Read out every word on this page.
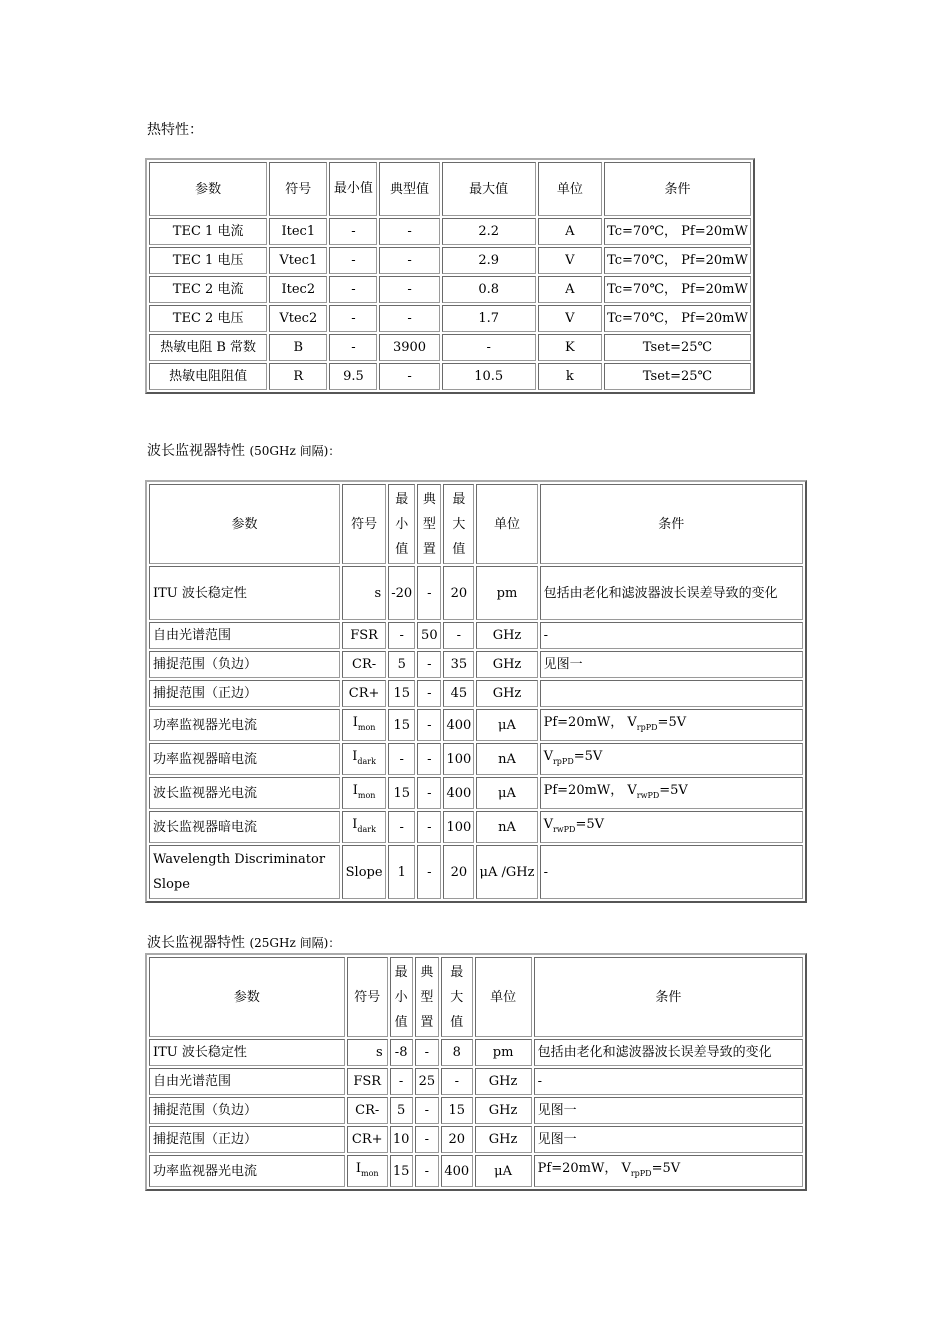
热特性：
参数	符号	最小值	典型值	最大值	单位	条件
TEC 1 电流	Itec1	-	-	2.2	A	Tc=70℃， Pf=20mW
TEC 1 电压	Vtec1	-	-	2.9	V	Tc=70℃， Pf=20mW
TEC 2 电流	Itec2	-	-	0.8	A	Tc=70℃， Pf=20mW
TEC 2 电压	Vtec2	-	-	1.7	V	Tc=70℃， Pf=20mW
热敏电阻 B 常数	B	-	3900	-	K	Tset=25℃
热敏电阻阻值	R	9.5	-	10.5	k	Tset=25℃
波长监视器特性 (50GHz 间隔)：
参数	符号	最小值	典型置	最大值	单位	条件
ITU 波长稳定性	s	-20	-	20	pm	包括由老化和滤波器波长误差导致的变化
自由光谱范围	FSR	-	50	-	GHz	-
捕捉范围（负边）	CR-	5	-	35	GHz	见图一
捕捉范围（正边）	CR+	15	-	45	GHz	
功率监视器光电流	$I_{mon}$	15	-	400	μA	Pf=20mW， $V_{rpPD}=5V$
功率监视器暗电流	$I_{dark}$	-	-	100	nA	$V_{rpPD}=5V$
波长监视器光电流	$I_{mon}$	15	-	400	μA	Pf=20mW， $V_{rwPD}=5V$
波长监视器暗电流	$I_{dark}$	-	-	100	nA	$V_{rwPD}=5V$
Wavelength Discriminator Slope	Slope	1	-	20	μA /GHz	-
波长监视器特性 (25GHz 间隔)：
参数	符号	最小值	典型置	最大值	单位	条件
ITU 波长稳定性	s	-8	-	8	pm	包括由老化和滤波器波长误差导致的变化
自由光谱范围	FSR	-	25	-	GHz	-
捕捉范围（负边）	CR-	5	-	15	GHz	见图一
捕捉范围（正边）	CR+	10	-	20	GHz	见图一
功率监视器光电流	$I_{mon}$	15	-	400	μA	Pf=20mW， $V_{rpPD}=5V$
